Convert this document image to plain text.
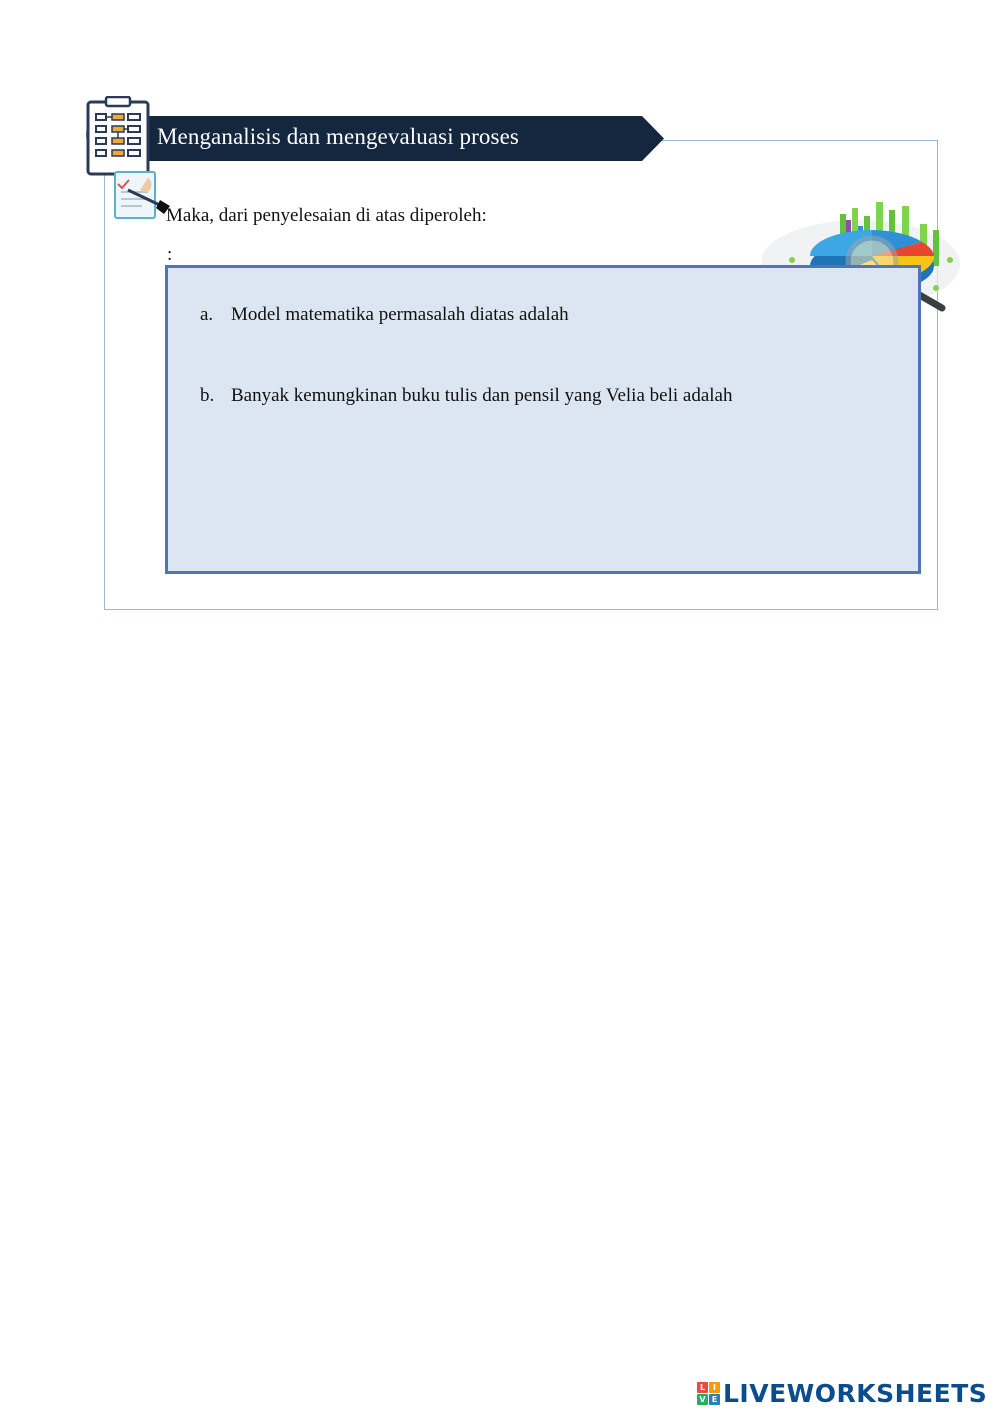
Menganalisis dan mengevaluasi proses
Maka, dari penyelesaian di atas diperoleh:
:
a. Model matematika permasalah diatas adalah
b. Banyak kemungkinan buku tulis dan pensil yang Velia beli adalah
L I
V E LIVEWORKSHEETS
